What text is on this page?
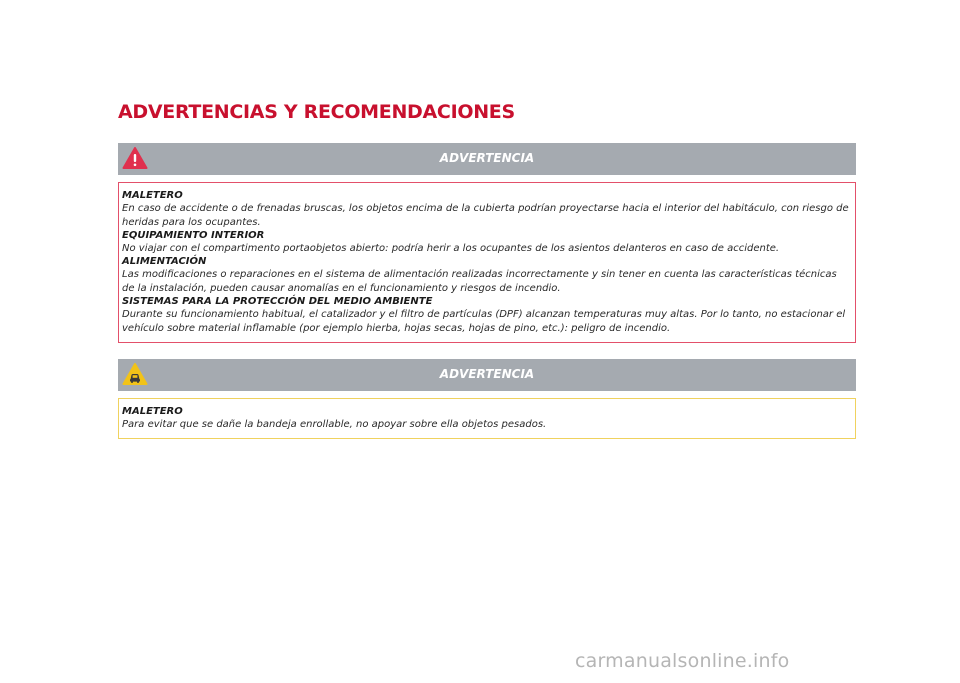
ADVERTENCIAS Y RECOMENDACIONES
ADVERTENCIA
MALETERO
En caso de accidente o de frenadas bruscas, los objetos encima de la cubierta podrían proyectarse hacia el interior del habitáculo, con riesgo de heridas para los ocupantes.
EQUIPAMIENTO INTERIOR
No viajar con el compartimento portaobjetos abierto: podría herir a los ocupantes de los asientos delanteros en caso de accidente.
ALIMENTACIÓN
Las modificaciones o reparaciones en el sistema de alimentación realizadas incorrectamente y sin tener en cuenta las características técnicas de la instalación, pueden causar anomalías en el funcionamiento y riesgos de incendio.
SISTEMAS PARA LA PROTECCIÓN DEL MEDIO AMBIENTE
Durante su funcionamiento habitual, el catalizador y el filtro de partículas (DPF) alcanzan temperaturas muy altas. Por lo tanto, no estacionar el vehículo sobre material inflamable (por ejemplo hierba, hojas secas, hojas de pino, etc.): peligro de incendio.
ADVERTENCIA
MALETERO
Para evitar que se dañe la bandeja enrollable, no apoyar sobre ella objetos pesados.
carmanualsonline.info
